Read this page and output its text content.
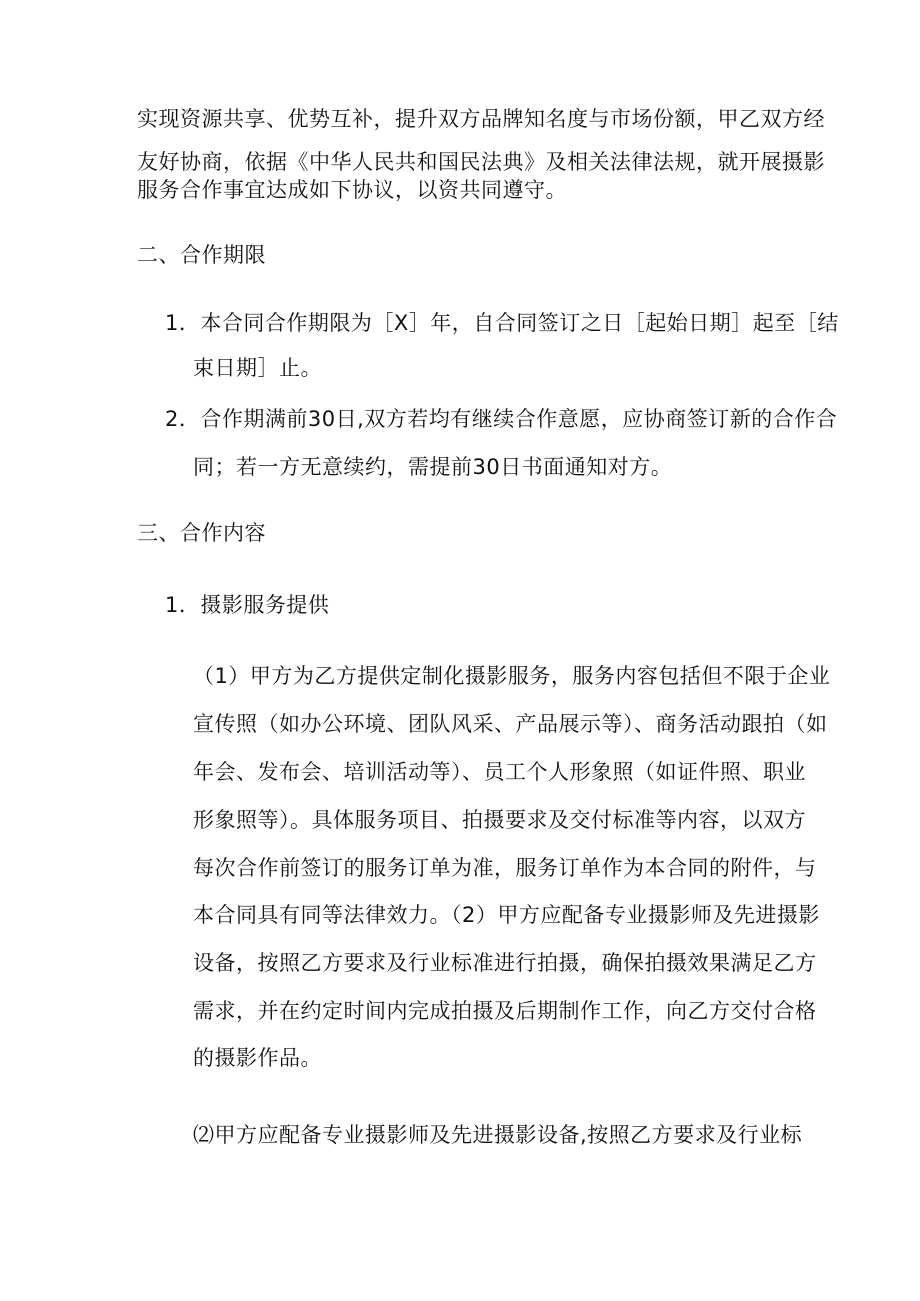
实现资源共享、优势互补，提升双方品牌知名度与市场份额，甲乙双方经
友好协商，依据《中华人民共和国民法典》及相关法律法规，就开展摄影
服务合作事宜达成如下协议，以资共同遵守。
二、合作期限
1．本合同合作期限为［X］年，自合同签订之日［起始日期］起至［结
束日期］止。
2．合作期满前30日,双方若均有继续合作意愿，应协商签订新的合作合
同；若一方无意续约，需提前30日书面通知对方。
三、合作内容
1．摄影服务提供
（1）甲方为乙方提供定制化摄影服务，服务内容包括但不限于企业
宣传照（如办公环境、团队风采、产品展示等）、商务活动跟拍（如
年会、发布会、培训活动等）、员工个人形象照（如证件照、职业
形象照等）。具体服务项目、拍摄要求及交付标准等内容，以双方
每次合作前签订的服务订单为准，服务订单作为本合同的附件，与
本合同具有同等法律效力。（2）甲方应配备专业摄影师及先进摄影
设备，按照乙方要求及行业标准进行拍摄，确保拍摄效果满足乙方
需求，并在约定时间内完成拍摄及后期制作工作，向乙方交付合格
的摄影作品。
⑵甲方应配备专业摄影师及先进摄影设备,按照乙方要求及行业标
